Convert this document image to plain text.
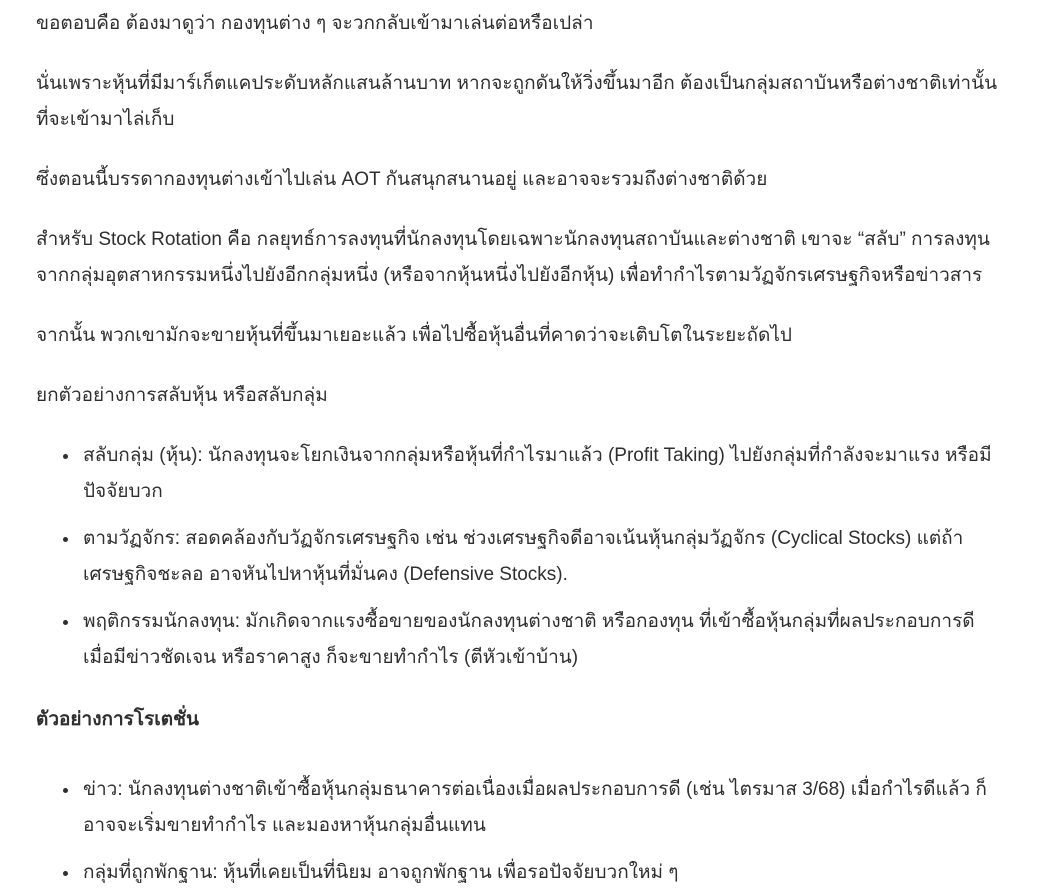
ขอตอบคือ ต้องมาดูว่า กองทุนต่าง ๆ จะวกกลับเข้ามาเล่นต่อหรือเปล่า

นั่นเพราะหุ้นที่มีมาร์เก็ตแคประดับหลักแสนล้านบาท หากจะถูกดันให้วิ่งขึ้นมาอีก ต้องเป็นกลุ่มสถาบันหรือต่างชาติเท่านั้นที่จะเข้ามาไล่เก็บ

ซึ่งตอนนี้บรรดากองทุนต่างเข้าไปเล่น AOT กันสนุกสนานอยู่ และอาจจะรวมถึงต่างชาติด้วย

สำหรับ Stock Rotation คือ กลยุทธ์การลงทุนที่นักลงทุนโดยเฉพาะนักลงทุนสถาบันและต่างชาติ เขาจะ “สลับ” การลงทุนจากกลุ่มอุตสาหกรรมหนึ่งไปยังอีกกลุ่มหนึ่ง (หรือจากหุ้นหนึ่งไปยังอีกหุ้น) เพื่อทำกำไรตามวัฏจักรเศรษฐกิจหรือข่าวสาร

จากนั้น พวกเขามักจะขายหุ้นที่ขึ้นมาเยอะแล้ว เพื่อไปซื้อหุ้นอื่นที่คาดว่าจะเติบโตในระยะถัดไป

ยกตัวอย่างการสลับหุ้น หรือสลับกลุ่ม

• สลับกลุ่ม (หุ้น): นักลงทุนจะโยกเงินจากกลุ่มหรือหุ้นที่กำไรมาแล้ว (Profit Taking) ไปยังกลุ่มที่กำลังจะมาแรง หรือมีปัจจัยบวก
• ตามวัฏจักร: สอดคล้องกับวัฏจักรเศรษฐกิจ เช่น ช่วงเศรษฐกิจดีอาจเน้นหุ้นกลุ่มวัฏจักร (Cyclical Stocks) แต่ถ้าเศรษฐกิจชะลอ อาจหันไปหาหุ้นที่มั่นคง (Defensive Stocks).
• พฤติกรรมนักลงทุน: มักเกิดจากแรงซื้อขายของนักลงทุนต่างชาติ หรือกองทุน ที่เข้าซื้อหุ้นกลุ่มที่ผลประกอบการดี เมื่อมีข่าวชัดเจน หรือราคาสูง ก็จะขายทำกำไร (ตีหัวเข้าบ้าน)

ตัวอย่างการโรเตชั่น

• ข่าว: นักลงทุนต่างชาติเข้าซื้อหุ้นกลุ่มธนาคารต่อเนื่องเมื่อผลประกอบการดี (เช่น ไตรมาส 3/68) เมื่อกำไรดีแล้ว ก็อาจจะเริ่มขายทำกำไร และมองหาหุ้นกลุ่มอื่นแทน
• กลุ่มที่ถูกพักฐาน: หุ้นที่เคยเป็นที่นิยม อาจถูกพักฐาน เพื่อรอปัจจัยบวกใหม่ ๆ
